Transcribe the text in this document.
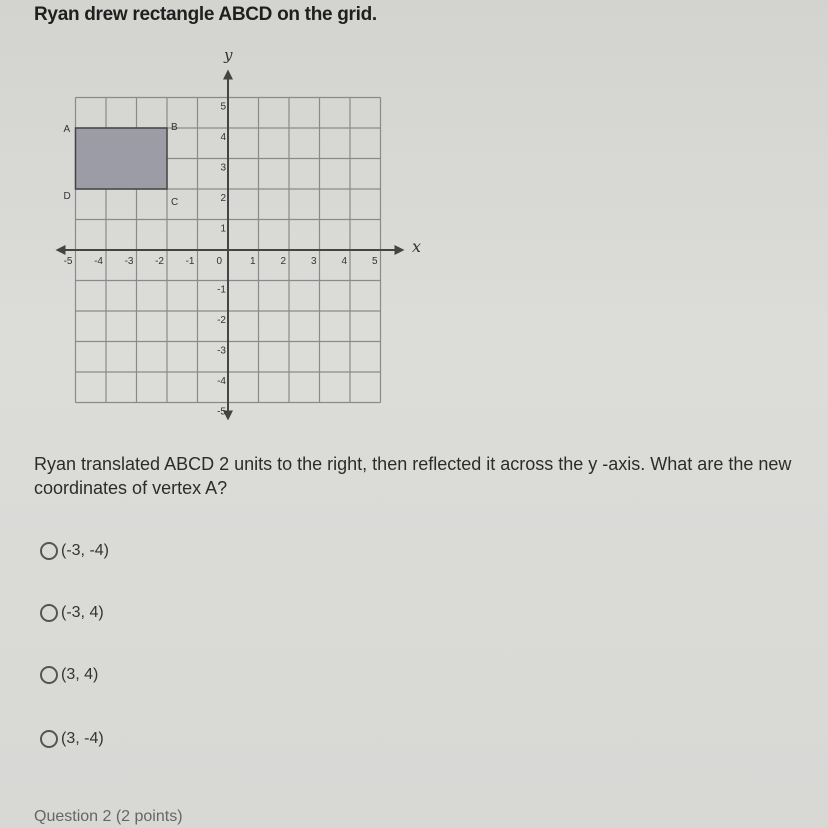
Ryan drew rectangle ABCD on the grid.
-5 -4 -3 -2 -1 0	1 2 3 4 5
5
4
3
2
1
-1
-2
-3
-4
-5
A	B
C
D
x
y
Ryan translated ABCD 2 units to the right, then reflected it across the y -axis. What are the new coordinates of vertex A?
(-3, -4)
(-3, 4)
(3, 4)
(3, -4)
Question 2 (2 points)
